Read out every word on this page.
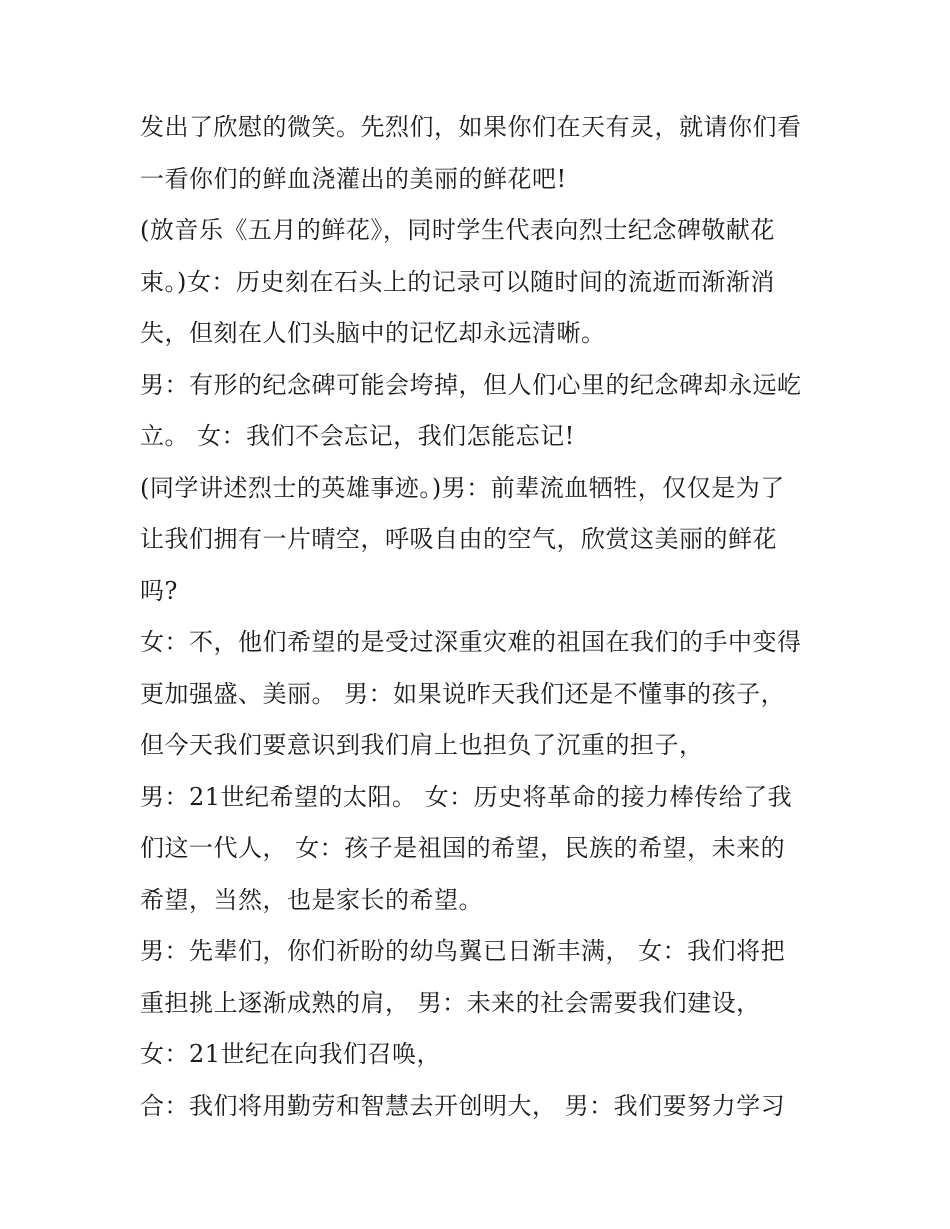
发出了欣慰的微笑。先烈们，如果你们在天有灵，就请你们看
一看你们的鲜血浇灌出的美丽的鲜花吧!
(放音乐《五月的鲜花》，同时学生代表向烈士纪念碑敬献花
束。)女：历史刻在石头上的记录可以随时间的流逝而渐渐消
失，但刻在人们头脑中的记忆却永远清晰。
男：有形的纪念碑可能会垮掉，但人们心里的纪念碑却永远屹
立。 女：我们不会忘记，我们怎能忘记!
(同学讲述烈士的英雄事迹。)男：前辈流血牺牲，仅仅是为了
让我们拥有一片晴空，呼吸自由的空气，欣赏这美丽的鲜花
吗?
女：不，他们希望的是受过深重灾难的祖国在我们的手中变得
更加强盛、美丽。 男：如果说昨天我们还是不懂事的孩子，
但今天我们要意识到我们肩上也担负了沉重的担子，
男：21世纪希望的太阳。 女：历史将革命的接力棒传给了我
们这一代人， 女：孩子是祖国的希望，民族的希望，未来的
希望，当然，也是家长的希望。
男：先辈们，你们祈盼的幼鸟翼已日渐丰满， 女：我们将把
重担挑上逐渐成熟的肩， 男：未来的社会需要我们建设，
女：21世纪在向我们召唤，
合：我们将用勤劳和智慧去开创明大， 男：我们要努力学习
